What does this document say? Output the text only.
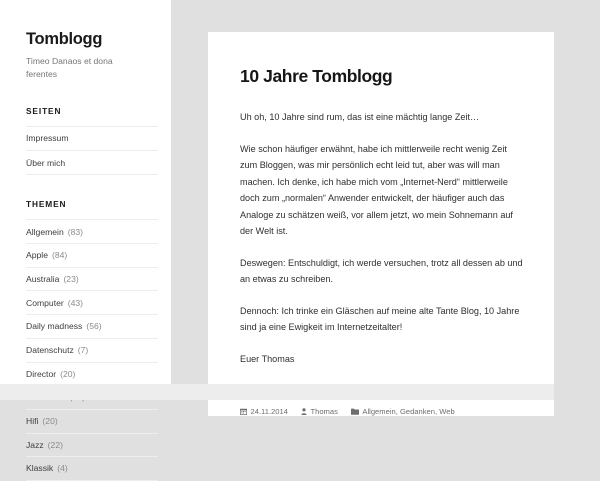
Tomblogg
Timeo Danaos et dona ferentes
SEITEN
Impressum
Über mich
THEMEN
Allgemein (83)
Apple (84)
Australia (23)
Computer (43)
Daily madness (56)
Datenschutz (7)
Director (20)
Hifi (20)
Jazz (22)
Klassik (4)
10 Jahre Tomblogg

Uh oh, 10 Jahre sind rum, das ist eine mächtig lange Zeit…

Wie schon häufiger erwähnt, habe ich mittlerweile recht wenig Zeit zum Bloggen, was mir persönlich echt leid tut, aber was will man machen. Ich denke, ich habe mich vom „Internet-Nerd“ mittlerweile doch zum „normalen“ Anwender entwickelt, der häufiger auch das Analoge zu schätzen weiß, vor allem jetzt, wo mein Sohnemann auf der Welt ist.

Deswegen: Entschuldigt, ich werde versuchen, trotz all dessen ab und an etwas zu schreiben.

Dennoch: Ich trinke ein Gläschen auf meine alte Tante Blog, 10 Jahre sind ja eine Ewigkeit im Internetzeitalter!

Euer Thomas

24.11.2014	Thomas	Allgemein, Gedanken, Web
